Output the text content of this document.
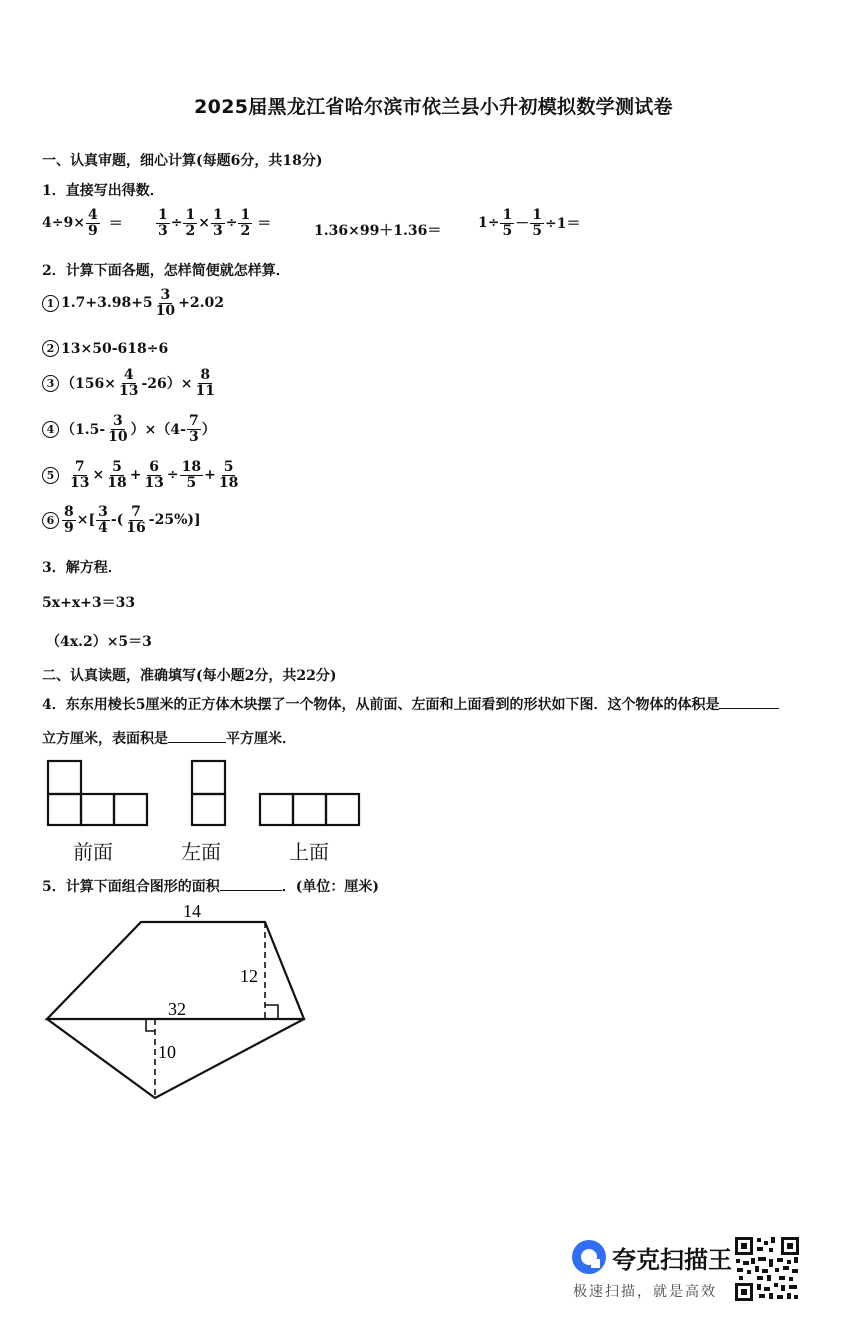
2025届黑龙江省哈尔滨市依兰县小升初模拟数学测试卷
一、认真审题，细心计算(每题6分，共18分)
1．直接写出得数．
$4\div 9\times \frac{4}{9} = \frac{1}{3} \div \frac{1}{2} \times \frac{1}{3} \div \frac{1}{2}$ ＝	1.36×99＋1.36＝	$1\div \frac{1}{5} - \frac{1}{5} \div 1=$
2．计算下面各题，怎样简便就怎样算．
1 $1.7+3.98+5 \frac{3}{10} +2.02$
2 13×50-618÷6
3 $(156\times \frac{4}{13} -26)\times \frac{8}{11}$
4 $(1.5- \frac{3}{10} )\times(4- \frac{7}{3}$ ）
$5 \frac{7}{13} \times \frac{5}{18} + \frac{6}{13} \div \frac{18}{5} + \frac{5}{18}$
$6 \frac{8}{9}$ ×[ $\frac{3}{4}$ -( $\frac{7}{16} -25\%$)]
3．解方程．
5x+x+3＝33
（4x.2）×5＝3
二、认真读题，准确填写(每小题2分，共22分)
4．东东用棱长5厘米的正方体木块摆了一个物体，从前面、左面和上面看到的形状如下图．这个物体的体积是
立方厘米，表面积是	平方厘米．
前面	左面	上面
5．计算下面组合图形的面积	．(单位：厘米)
14
12
32
10
夸克扫描王
极速扫描，就是高效
